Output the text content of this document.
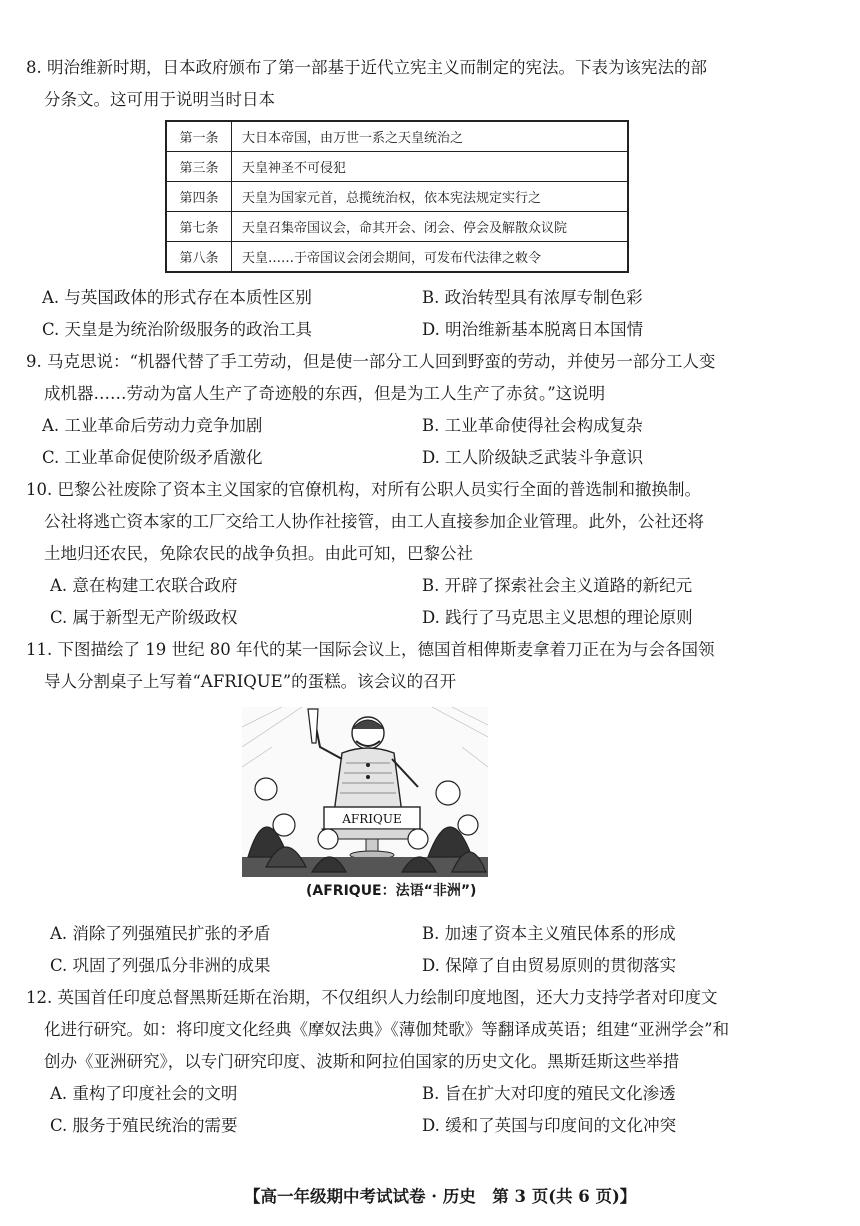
8. 明治维新时期，日本政府颁布了第一部基于近代立宪主义而制定的宪法。下表为该宪法的部
分条文。这可用于说明当时日本
第一条	大日本帝国，由万世一系之天皇统治之
第三条	天皇神圣不可侵犯
第四条	天皇为国家元首，总揽统治权，依本宪法规定实行之
第七条	天皇召集帝国议会，命其开会、闭会、停会及解散众议院
第八条	天皇……于帝国议会闭会期间，可发布代法律之敕令
A. 与英国政体的形式存在本质性区别	B. 政治转型具有浓厚专制色彩
C. 天皇是为统治阶级服务的政治工具	D. 明治维新基本脱离日本国情
9. 马克思说：“机器代替了手工劳动，但是使一部分工人回到野蛮的劳动，并使另一部分工人变
成机器……劳动为富人生产了奇迹般的东西，但是为工人生产了赤贫。”这说明
A. 工业革命后劳动力竞争加剧	B. 工业革命使得社会构成复杂
C. 工业革命促使阶级矛盾激化	D. 工人阶级缺乏武装斗争意识
10. 巴黎公社废除了资本主义国家的官僚机构，对所有公职人员实行全面的普选制和撤换制。
公社将逃亡资本家的工厂交给工人协作社接管，由工人直接参加企业管理。此外，公社还将
土地归还农民，免除农民的战争负担。由此可知，巴黎公社
A. 意在构建工农联合政府	B. 开辟了探索社会主义道路的新纪元
C. 属于新型无产阶级政权	D. 践行了马克思主义思想的理论原则
11. 下图描绘了 19 世纪 80 年代的某一国际会议上，德国首相俾斯麦拿着刀正在为与会各国领
导人分割桌子上写着“AFRIQUE”的蛋糕。该会议的召开
AFRIQUE
(AFRIQUE：法语“非洲”)
A. 消除了列强殖民扩张的矛盾	B. 加速了资本主义殖民体系的形成
C. 巩固了列强瓜分非洲的成果	D. 保障了自由贸易原则的贯彻落实
12. 英国首任印度总督黑斯廷斯在治期，不仅组织人力绘制印度地图，还大力支持学者对印度文
化进行研究。如：将印度文化经典《摩奴法典》《薄伽梵歌》等翻译成英语；组建“亚洲学会”和
创办《亚洲研究》，以专门研究印度、波斯和阿拉伯国家的历史文化。黑斯廷斯这些举措
A. 重构了印度社会的文明	B. 旨在扩大对印度的殖民文化渗透
C. 服务于殖民统治的需要	D. 缓和了英国与印度间的文化冲突
【高一年级期中考试试卷 · 历史　第 3 页(共 6 页)】
